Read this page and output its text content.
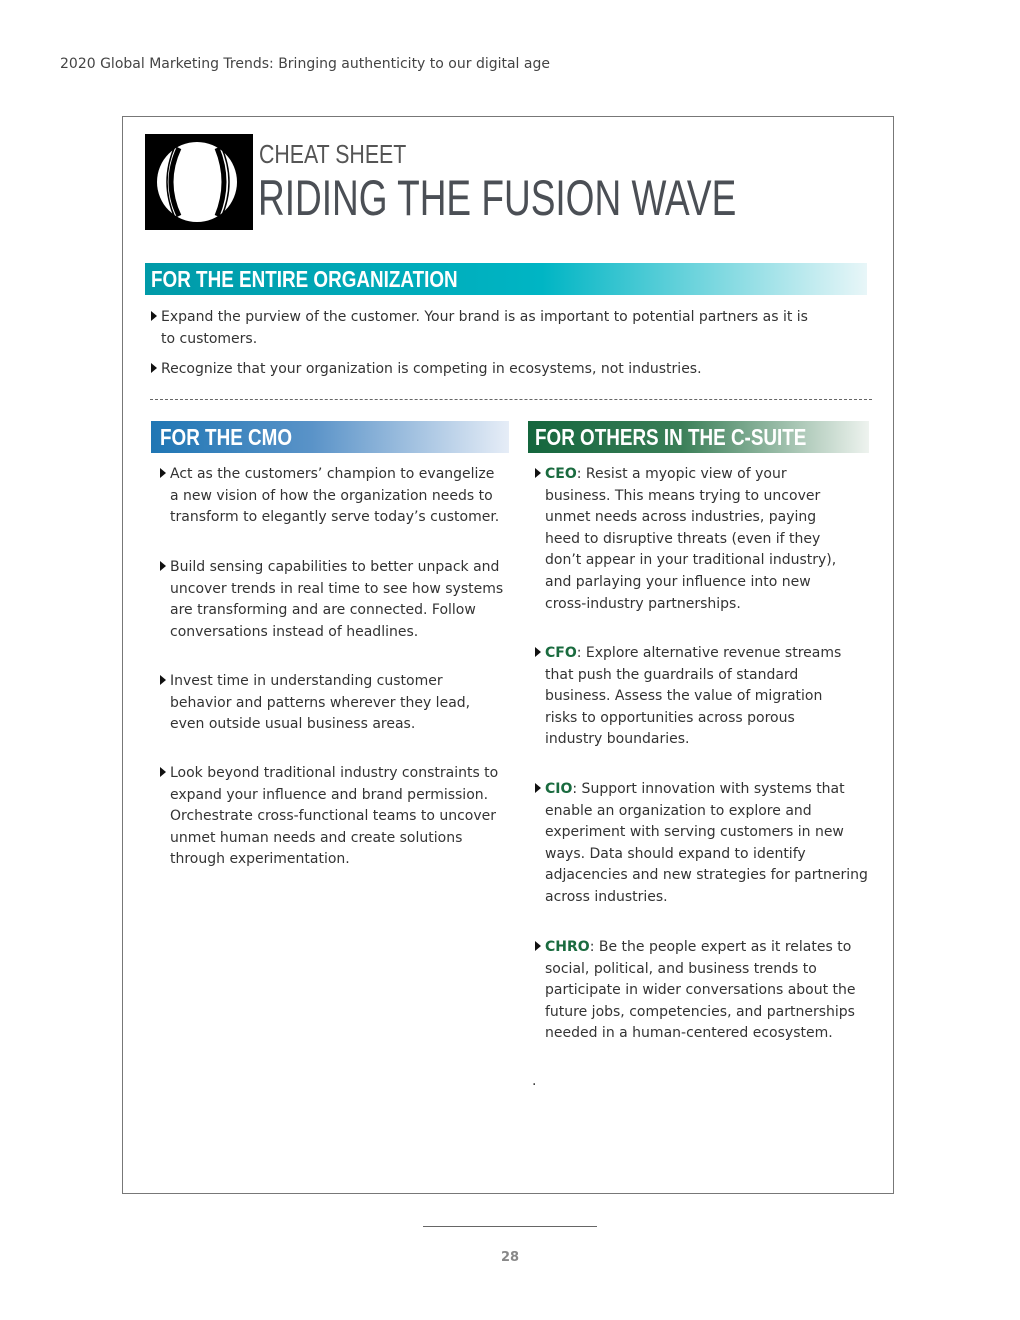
2020 Global Marketing Trends: Bringing authenticity to our digital age
CHEAT SHEET
RIDING THE FUSION WAVE
FOR THE ENTIRE ORGANIZATION

Expand the purview of the customer. Your brand is as important to potential partners as it is to customers.

Recognize that your organization is competing in ecosystems, not industries.

FOR THE CMO	FOR OTHERS IN THE C-SUITE

Act as the customers’ champion to evangelize a new vision of how the organization needs to transform to elegantly serve today’s customer.

Build sensing capabilities to better unpack and uncover trends in real time to see how systems are transforming and are connected. Follow conversations instead of headlines.

Invest time in understanding customer behavior and patterns wherever they lead, even outside usual business areas.

Look beyond traditional industry constraints to expand your influence and brand permission. Orchestrate cross-functional teams to uncover unmet human needs and create solutions through experimentation.

CEO: Resist a myopic view of your business. This means trying to uncover unmet needs across industries, paying heed to disruptive threats (even if they don’t appear in your traditional industry), and parlaying your influence into new cross-industry partnerships.

CFO: Explore alternative revenue streams that push the guardrails of standard business. Assess the value of migration risks to opportunities across porous industry boundaries.

CIO: Support innovation with systems that enable an organization to explore and experiment with serving customers in new ways. Data should expand to identify adjacencies and new strategies for partnering across industries.

CHRO: Be the people expert as it relates to social, political, and business trends to participate in wider conversations about the future jobs, competencies, and partnerships needed in a human-centered ecosystem.

.
28
